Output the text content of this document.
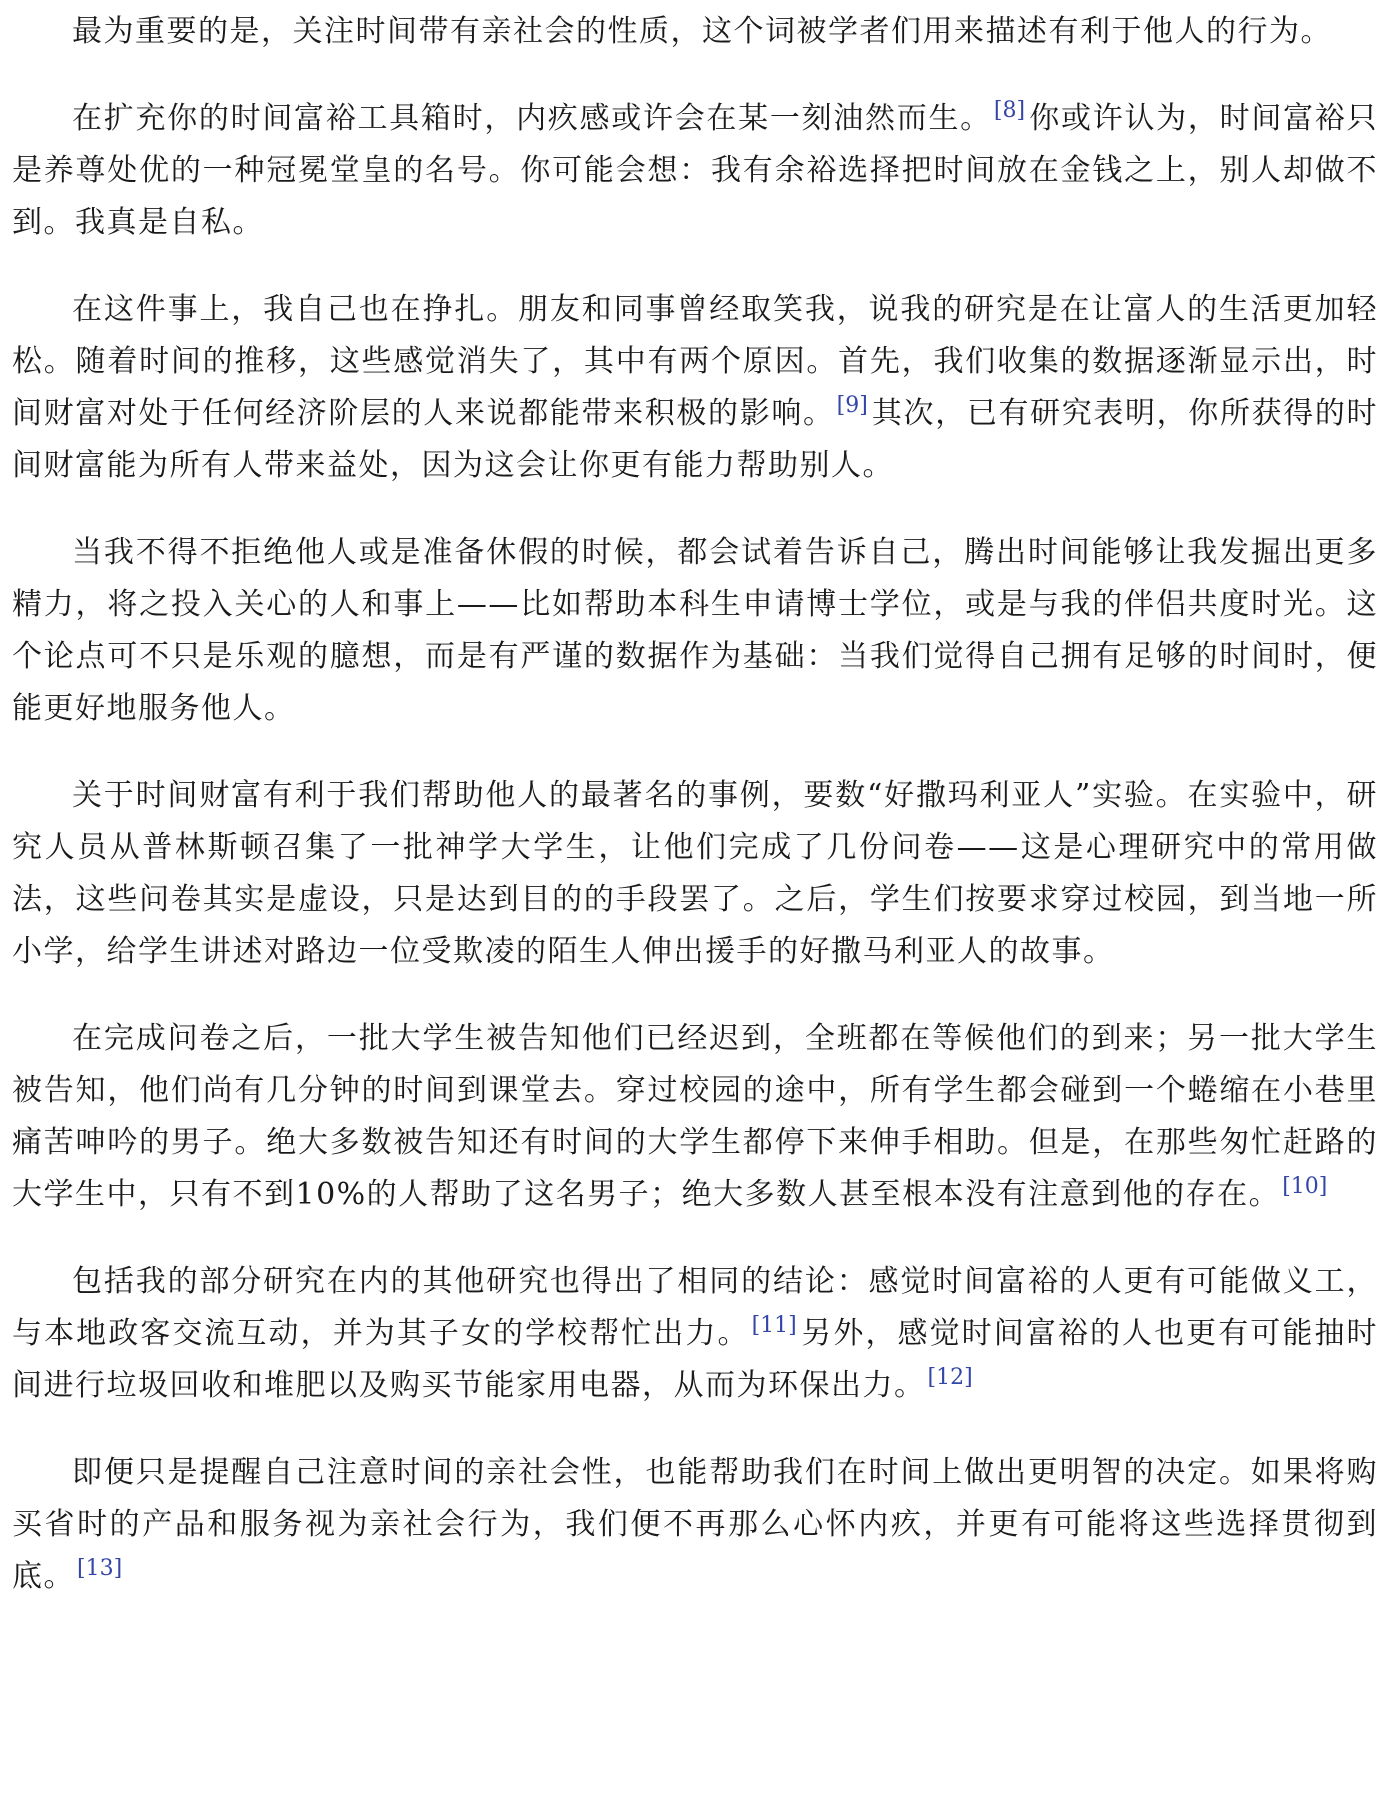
最为重要的是，关注时间带有亲社会的性质，这个词被学者们用来描述有利于他人的行为。

在扩充你的时间富裕工具箱时，内疚感或许会在某一刻油然而生。[8] 你或许认为，时间富裕只是养尊处优的一种冠冕堂皇的名号。你可能会想：我有余裕选择把时间放在金钱之上，别人却做不到。我真是自私。

在这件事上，我自己也在挣扎。朋友和同事曾经取笑我，说我的研究是在让富人的生活更加轻松。随着时间的推移，这些感觉消失了，其中有两个原因。首先，我们收集的数据逐渐显示出，时间财富对处于任何经济阶层的人来说都能带来积极的影响。[9] 其次，已有研究表明，你所获得的时间财富能为所有人带来益处，因为这会让你更有能力帮助别人。

当我不得不拒绝他人或是准备休假的时候，都会试着告诉自己，腾出时间能够让我发掘出更多精力，将之投入关心的人和事上——比如帮助本科生申请博士学位，或是与我的伴侣共度时光。这个论点可不只是乐观的臆想，而是有严谨的数据作为基础：当我们觉得自己拥有足够的时间时，便能更好地服务他人。

关于时间财富有利于我们帮助他人的最著名的事例，要数“好撒玛利亚人”实验。在实验中，研究人员从普林斯顿召集了一批神学大学生，让他们完成了几份问卷——这是心理研究中的常用做法，这些问卷其实是虚设，只是达到目的的手段罢了。之后，学生们按要求穿过校园，到当地一所小学，给学生讲述对路边一位受欺凌的陌生人伸出援手的好撒马利亚人的故事。

在完成问卷之后，一批大学生被告知他们已经迟到，全班都在等候他们的到来；另一批大学生被告知，他们尚有几分钟的时间到课堂去。穿过校园的途中，所有学生都会碰到一个蜷缩在小巷里痛苦呻吟的男子。绝大多数被告知还有时间的大学生都停下来伸手相助。但是，在那些匆忙赶路的大学生中，只有不到10%的人帮助了这名男子；绝大多数人甚至根本没有注意到他的存在。[10]

包括我的部分研究在内的其他研究也得出了相同的结论：感觉时间富裕的人更有可能做义工，与本地政客交流互动，并为其子女的学校帮忙出力。[11] 另外，感觉时间富裕的人也更有可能抽时间进行垃圾回收和堆肥以及购买节能家用电器，从而为环保出力。[12]

即便只是提醒自己注意时间的亲社会性，也能帮助我们在时间上做出更明智的决定。如果将购买省时的产品和服务视为亲社会行为，我们便不再那么心怀内疚，并更有可能将这些选择贯彻到底。[13]
